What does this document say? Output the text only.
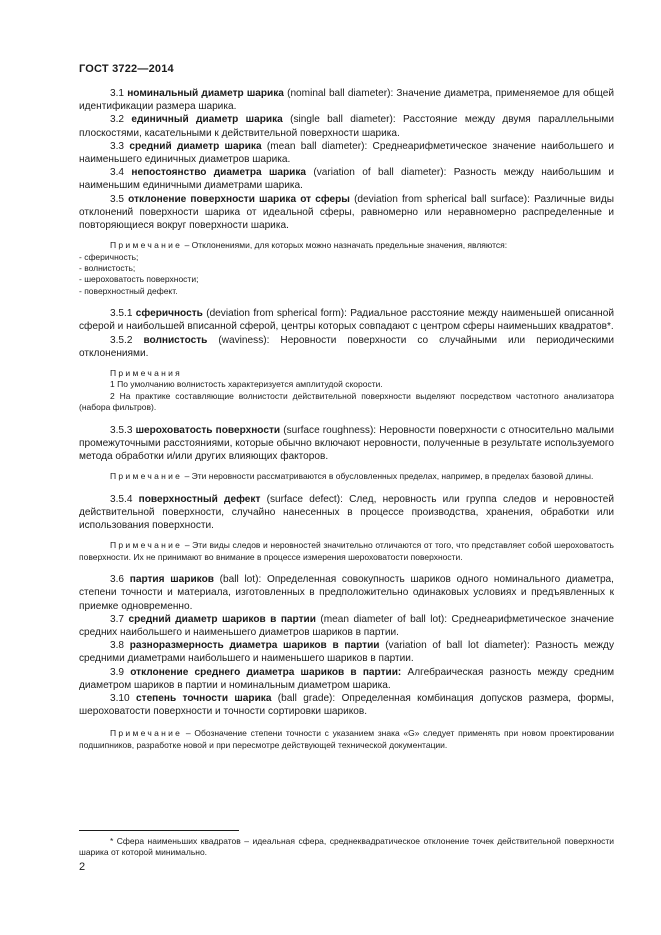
ГОСТ 3722—2014

3.1 номинальный диаметр шарика (nominal ball diameter): Значение диаметра, применяемое для общей идентификации размера шарика.

3.2 единичный диаметр шарика (single ball diameter): Расстояние между двумя параллельными плоскостями, касательными к действительной поверхности шарика.

3.3 средний диаметр шарика (mean ball diameter): Среднеарифметическое значение наибольшего и наименьшего единичных диаметров шарика.

3.4 непостоянство диаметра шарика (variation of ball diameter): Разность между наибольшим и наименьшим единичными диаметрами шарика.

3.5 отклонение поверхности шарика от сферы (deviation from spherical ball surface): Различные виды отклонений поверхности шарика от идеальной сферы, равномерно или неравномерно распределенные и повторяющиеся вокруг поверхности шарика.

Примечание – Отклонениями, для которых можно назначать предельные значения, являются:

- сферичность;

- волнистость;

- шероховатость поверхности;

- поверхностный дефект.

3.5.1 сферичность (deviation from spherical form): Радиальное расстояние между наименьшей описанной сферой и наибольшей вписанной сферой, центры которых совпадают с центром сферы наименьших квадратов*.

3.5.2 волнистость (waviness): Неровности поверхности со случайными или периодическими отклонениями.

Примечания

1 По умолчанию волнистость характеризуется амплитудой скорости.

2 На практике составляющие волнистости действительной поверхности выделяют посредством частотного анализатора (набора фильтров).

3.5.3 шероховатость поверхности (surface roughness): Неровности поверхности с относительно малыми промежуточными расстояниями, которые обычно включают неровности, полученные в результате используемого метода обработки и/или других влияющих факторов.

Примечание – Эти неровности рассматриваются в обусловленных пределах, например, в пределах базовой длины.

3.5.4 поверхностный дефект (surface defect): След, неровность или группа следов и неровностей действительной поверхности, случайно нанесенных в процессе производства, хранения, обработки или использования поверхности.

Примечание – Эти виды следов и неровностей значительно отличаются от того, что представляет собой шероховатость поверхности. Их не принимают во внимание в процессе измерения шероховатости поверхности.

3.6 партия шариков (ball lot): Определенная совокупность шариков одного номинального диаметра, степени точности и материала, изготовленных в предположительно одинаковых условиях и предъявленных к приемке одновременно.

3.7 средний диаметр шариков в партии (mean diameter of ball lot): Среднеарифметическое значение средних наибольшего и наименьшего диаметров шариков в партии.

3.8 разноразмерность диаметра шариков в партии (variation of ball lot diameter): Разность между средними диаметрами наибольшего и наименьшего шариков в партии.

3.9 отклонение среднего диаметра шариков в партии: Алгебраическая разность между средним диаметром шариков в партии и номинальным диаметром шарика.

3.10 степень точности шарика (ball grade): Определенная комбинация допусков размера, формы, шероховатости поверхности и точности сортировки шариков.

Примечание – Обозначение степени точности с указанием знака «G» следует применять при новом проектировании подшипников, разработке новой и при пересмотре действующей технической документации.

* Сфера наименьших квадратов – идеальная сфера, среднеквадратическое отклонение точек действительной поверхности шарика от которой минимально.

2
